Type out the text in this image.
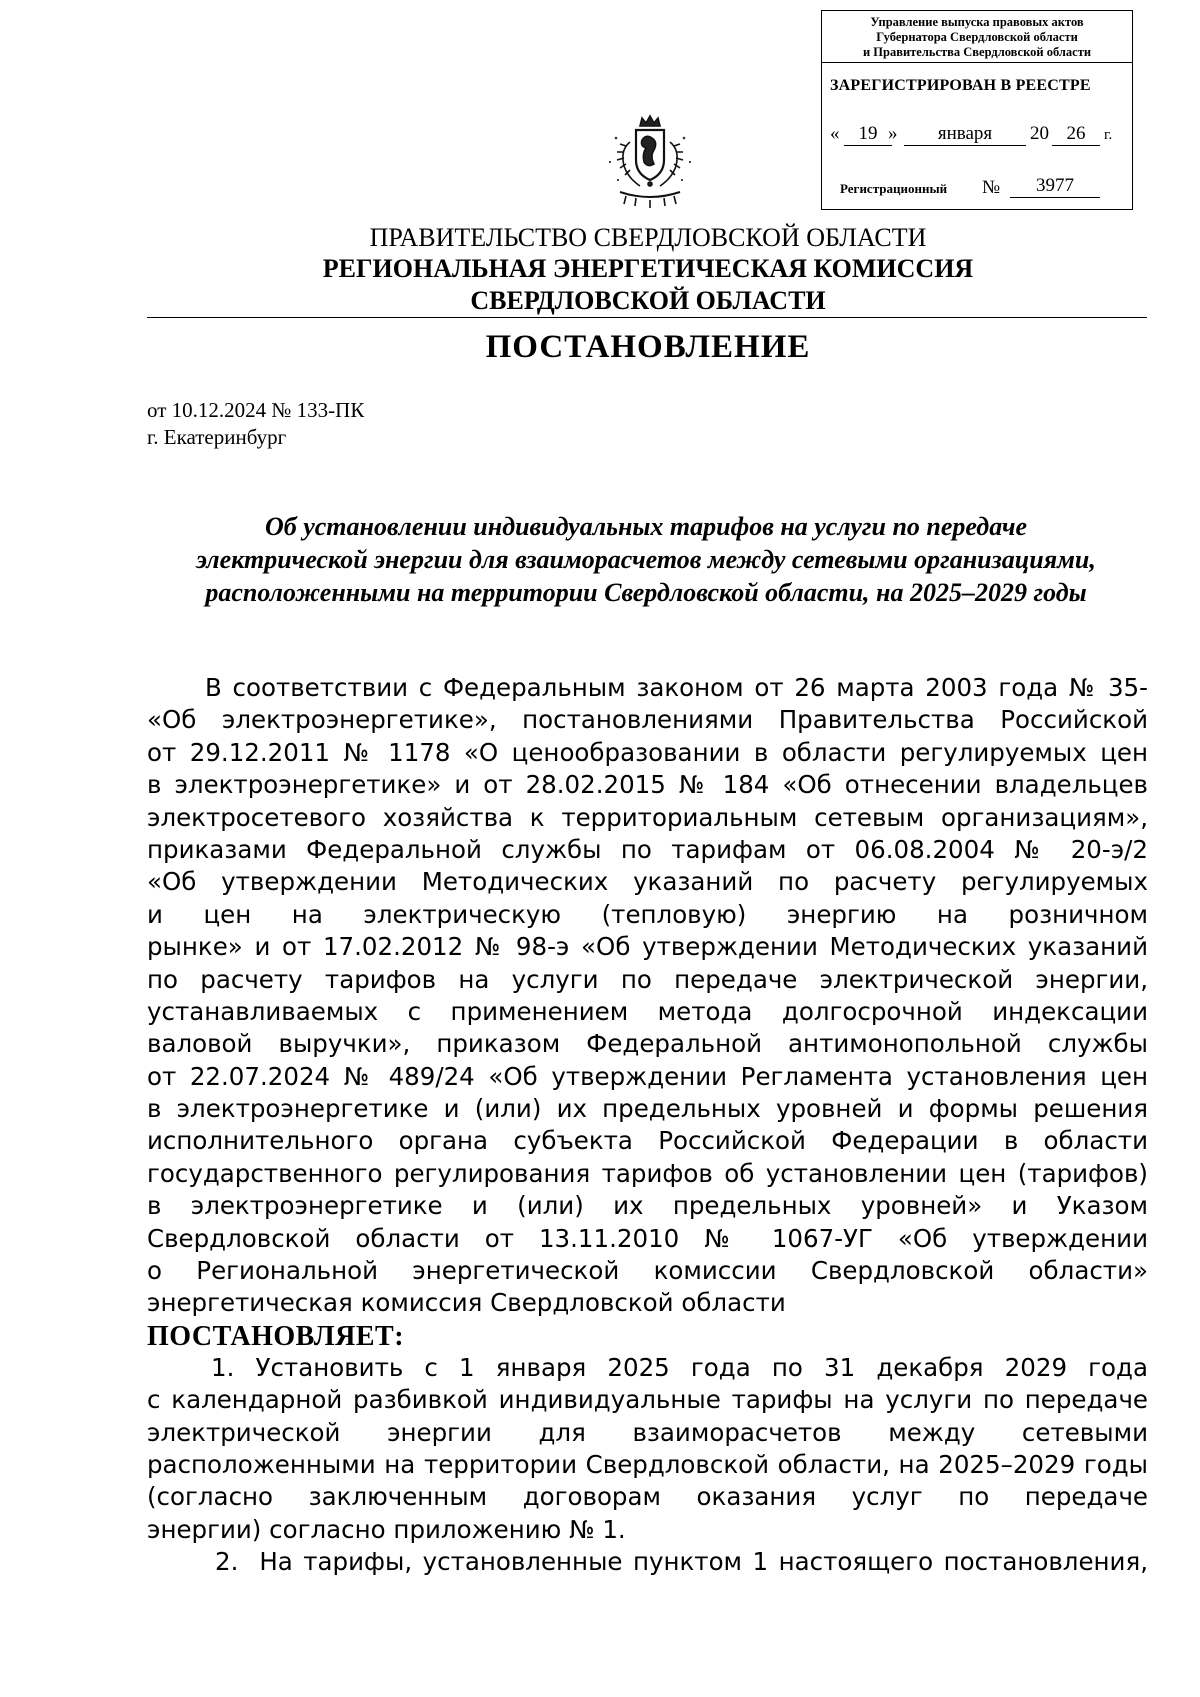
Управление выпуска правовых актов
Губернатора Свердловской области
и Правительства Свердловской области
ЗАРЕГИСТРИРОВАН В РЕЕСТРЕ
«	19 »	января	20 26	г.
Регистрационный №	3977
ПРАВИТЕЛЬСТВО СВЕРДЛОВСКОЙ ОБЛАСТИ
РЕГИОНАЛЬНАЯ ЭНЕРГЕТИЧЕСКАЯ КОМИССИЯ
СВЕРДЛОВСКОЙ ОБЛАСТИ
ПОСТАНОВЛЕНИЕ
от 10.12.2024 № 133-ПК
г. Екатеринбург
Об установлении индивидуальных тарифов на услуги по передаче
электрической энергии для взаиморасчетов между сетевыми организациями,
расположенными на территории Свердловской области, на 2025–2029 годы
В соответствии с Федеральным законом от 26 марта 2003 года № 35-
«Об электроэнергетике», постановлениями Правительства Российской
от 29.12.2011 № 1178 «О ценообразовании в области регулируемых цен
в электроэнергетике» и от 28.02.2015 № 184 «Об отнесении владельцев
электросетевого хозяйства к территориальным сетевым организациям»,
приказами Федеральной службы по тарифам от 06.08.2004 № 20-э/2
«Об утверждении Методических указаний по расчету регулируемых
и цен на электрическую (тепловую) энергию на розничном
рынке» и от 17.02.2012 № 98-э «Об утверждении Методических указаний
по расчету тарифов на услуги по передаче электрической энергии,
устанавливаемых с применением метода долгосрочной индексации
валовой выручки», приказом Федеральной антимонопольной службы
от 22.07.2024 № 489/24 «Об утверждении Регламента установления цен
в электроэнергетике и (или) их предельных уровней и формы решения
исполнительного органа субъекта Российской Федерации в области
государственного регулирования тарифов об установлении цен (тарифов)
в электроэнергетике и (или) их предельных уровней» и Указом
Свердловской области от 13.11.2010 № 1067-УГ «Об утверждении
о Региональной энергетической комиссии Свердловской области»
энергетическая комиссия Свердловской области
ПОСТАНОВЛЯЕТ:
1. Установить с 1 января 2025 года по 31 декабря 2029 года
с календарной разбивкой индивидуальные тарифы на услуги по передаче
электрической энергии для взаиморасчетов между сетевыми
расположенными на территории Свердловской области, на 2025–2029 годы
(согласно заключенным договорам оказания услуг по передаче
энергии) согласно приложению № 1.
2. На тарифы, установленные пунктом 1 настоящего постановления,
